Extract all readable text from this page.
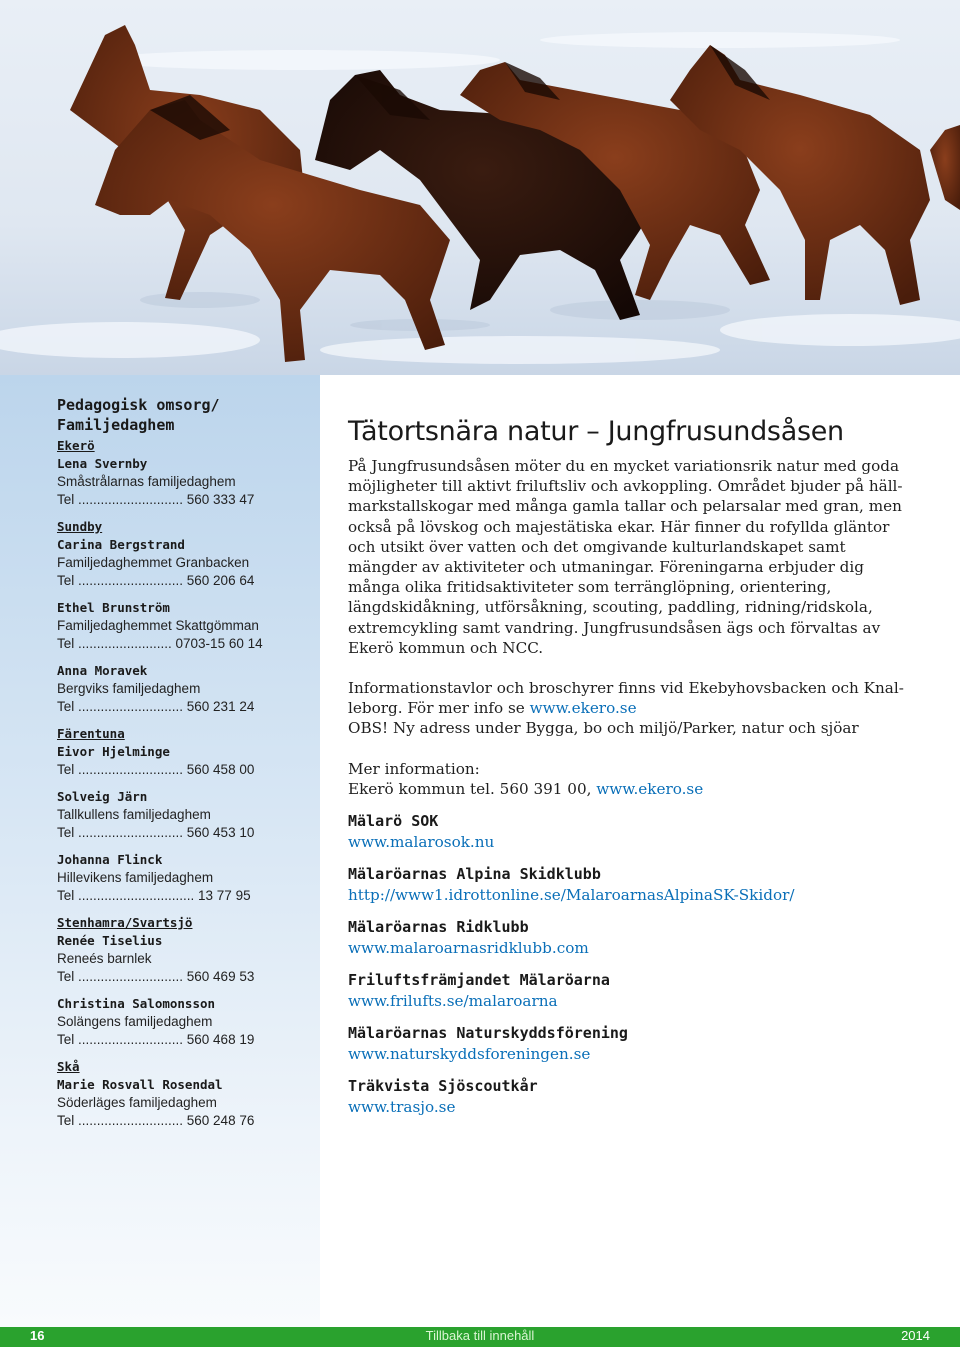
Pedagogisk omsorg/ Familjedaghem
Ekerö
Lena Svernby
Småstrålarnas familjedaghem
Tel ............................ 560 333 47
Sundby
Carina Bergstrand
Familjedaghemmet Granbacken
Tel ............................ 560 206 64
Ethel Brunström
Familjedaghemmet Skattgömman
Tel ......................... 0703-15 60 14
Anna Moravek
Bergviks familjedaghem
Tel ............................ 560 231 24
Färentuna
Eivor Hjelminge
Tel ............................ 560 458 00
Solveig Järn
Tallkullens familjedaghem
Tel ............................ 560 453 10
Johanna Flinck
Hillevikens familjedaghem
Tel ............................... 13 77 95
Stenhamra/Svartsjö
Renée Tiselius
Reneés barnlek
Tel ............................ 560 469 53
Christina Salomonsson
Solängens familjedaghem
Tel ............................ 560 468 19
Skå
Marie Rosvall Rosendal
Söderläges familjedaghem
Tel ............................ 560 248 76
Tätortsnära natur – Jungfrusundsåsen

På Jungfrusundsåsen möter du en mycket variationsrik natur med goda möjligheter till aktivt friluftsliv och avkoppling. Området bjuder på hällmarkstallskogar med många gamla tallar och pelarsalar med gran, men också på lövskog och majestätiska ekar. Här finner du rofyllda gläntor och utsikt över vatten och det omgivande kulturlandskapet samt mängder av aktiviteter och utmaningar. Föreningarna erbjuder dig många olika fritidsaktiviteter som terränglöpning, orientering, längdskidåkning, utförsåkning, scouting, paddling, ridning/ridskola, extremcykling samt vandring. Jungfrusundsåsen ägs och förvaltas av Ekerö kommun och NCC.

Informationstavlor och broschyrer finns vid Ekebyhovsbacken och Knalleborg. För mer info se www.ekero.se

OBS! Ny adress under Bygga, bo och miljö/Parker, natur och sjöar

Mer information:
Ekerö kommun tel. 560 391 00, www.ekero.se
Mälarö SOK
www.malarosok.nu
Mälaröarnas Alpina Skidklubb
http://www1.idrottonline.se/MalaroarnasAlpinaSK-Skidor/
Mälaröarnas Ridklubb
www.malaroarnasridklubb.com
Friluftsfrämjandet Mälaröarna
www.frilufts.se/malaroarna
Mälaröarnas Naturskyddsförening
www.naturskyddsforeningen.se
Träkvista Sjöscoutkår
www.trasjo.se
16	Tillbaka till innehåll	2014
